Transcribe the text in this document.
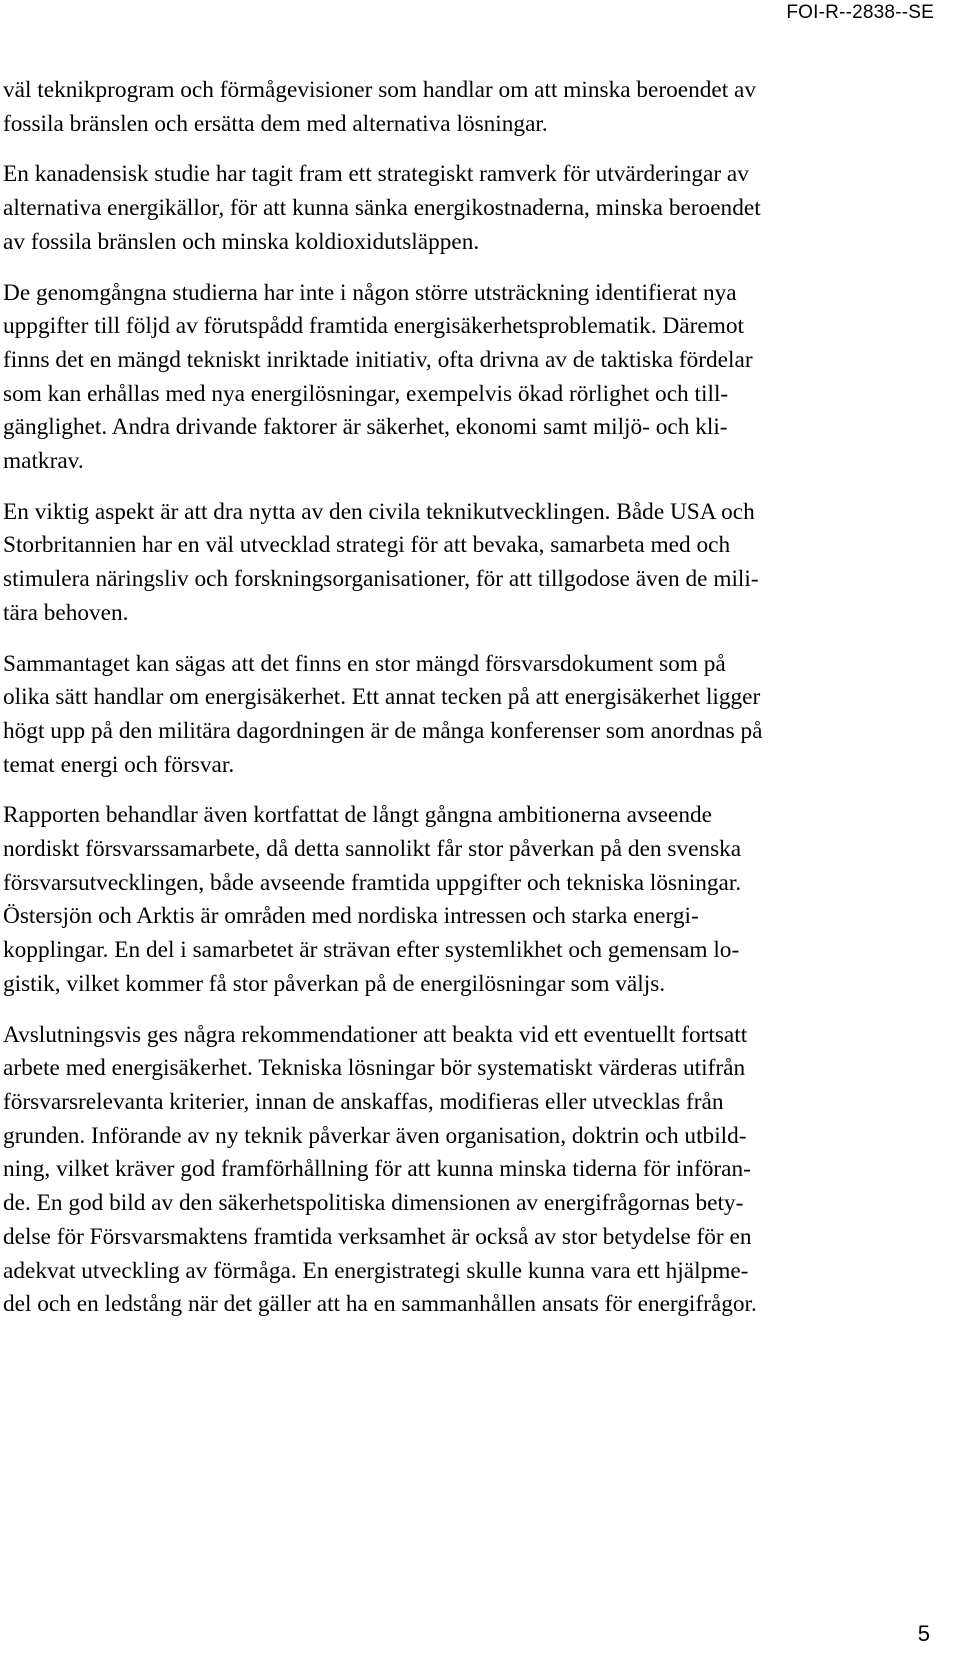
FOI-R--2838--SE

väl teknikprogram och förmågevisioner som handlar om att minska beroendet av
fossila bränslen och ersätta dem med alternativa lösningar.

En kanadensisk studie har tagit fram ett strategiskt ramverk för utvärderingar av
alternativa energikällor, för att kunna sänka energikostnaderna, minska beroendet
av fossila bränslen och minska koldioxidutsläppen.

De genomgångna studierna har inte i någon större utsträckning identifierat nya
uppgifter till följd av förutspådd framtida energisäkerhetsproblematik. Däremot
finns det en mängd tekniskt inriktade initiativ, ofta drivna av de taktiska fördelar
som kan erhållas med nya energilösningar, exempelvis ökad rörlighet och till-
gänglighet. Andra drivande faktorer är säkerhet, ekonomi samt miljö- och kli-
matkrav.

En viktig aspekt är att dra nytta av den civila teknikutvecklingen. Både USA och
Storbritannien har en väl utvecklad strategi för att bevaka, samarbeta med och
stimulera näringsliv och forskningsorganisationer, för att tillgodose även de mili-
tära behoven.

Sammantaget kan sägas att det finns en stor mängd försvarsdokument som på
olika sätt handlar om energisäkerhet. Ett annat tecken på att energisäkerhet ligger
högt upp på den militära dagordningen är de många konferenser som anordnas på
temat energi och försvar.

Rapporten behandlar även kortfattat de långt gångna ambitionerna avseende
nordiskt försvarssamarbete, då detta sannolikt får stor påverkan på den svenska
försvarsutvecklingen, både avseende framtida uppgifter och tekniska lösningar.
Östersjön och Arktis är områden med nordiska intressen och starka energi-
kopplingar. En del i samarbetet är strävan efter systemlikhet och gemensam lo-
gistik, vilket kommer få stor påverkan på de energilösningar som väljs.

Avslutningsvis ges några rekommendationer att beakta vid ett eventuellt fortsatt
arbete med energisäkerhet. Tekniska lösningar bör systematiskt värderas utifrån
försvarsrelevanta kriterier, innan de anskaffas, modifieras eller utvecklas från
grunden. Införande av ny teknik påverkar även organisation, doktrin och utbild-
ning, vilket kräver god framförhållning för att kunna minska tiderna för införan-
de. En god bild av den säkerhetspolitiska dimensionen av energifrågornas bety-
delse för Försvarsmaktens framtida verksamhet är också av stor betydelse för en
adekvat utveckling av förmåga. En energistrategi skulle kunna vara ett hjälpme-
del och en ledstång när det gäller att ha en sammanhållen ansats för energifrågor.

5
